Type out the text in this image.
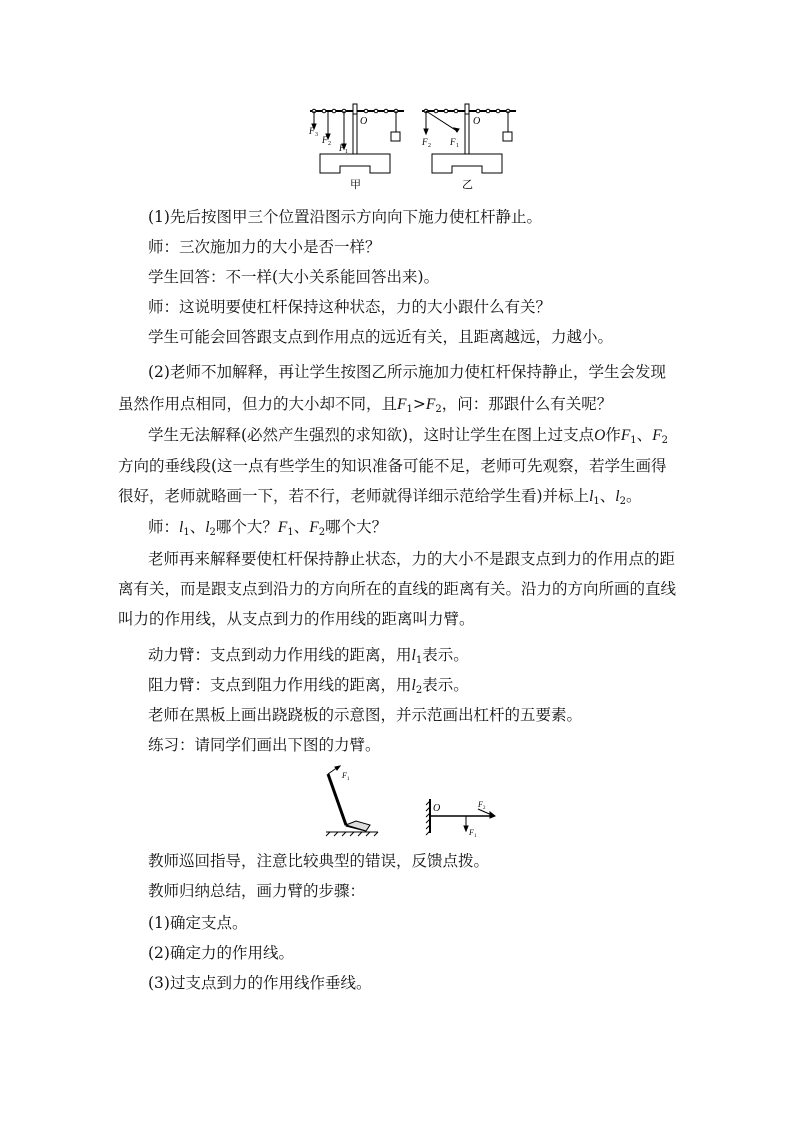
F 3 F 2 F 1
O
甲
F 2 F 1
O
乙

(1)先后按图甲三个位置沿图示方向向下施力使杠杆静止。

师：三次施加力的大小是否一样？

学生回答：不一样(大小关系能回答出来)。

师：这说明要使杠杆保持这种状态，力的大小跟什么有关？

学生可能会回答跟支点到作用点的远近有关，且距离越远，力越小。

(2)老师不加解释，再让学生按图乙所示施加力使杠杆保持静止，学生会发现虽然作用点相同，但力的大小却不同，且$F_1>F_2$，问：那跟什么有关呢？

学生无法解释(必然产生强烈的求知欲)，这时让学生在图上过支点O作$F_1$、$F_2$方向的垂线段(这一点有些学生的知识准备可能不足，老师可先观察，若学生画得很好，老师就略画一下，若不行，老师就得详细示范给学生看)并标上$l_1$、$l_2$。

师：$l_1$、$l_2$哪个大？$F_1$、$F_2$哪个大？

老师再来解释要使杠杆保持静止状态，力的大小不是跟支点到力的作用点的距离有关，而是跟支点到沿力的方向所在的直线的距离有关。沿力的方向所画的直线叫力的作用线，从支点到力的作用线的距离叫力臂。

动力臂：支点到动力作用线的距离，用$l_1$表示。

阻力臂：支点到阻力作用线的距离，用$l_2$表示。

老师在黑板上画出跷跷板的示意图，并示范画出杠杆的五要素。

练习：请同学们画出下图的力臂。

F 1
O	F 2
F 1

教师巡回指导，注意比较典型的错误，反馈点拨。

教师归纳总结，画力臂的步骤：

(1)确定支点。

(2)确定力的作用线。

(3)过支点到力的作用线作垂线。
